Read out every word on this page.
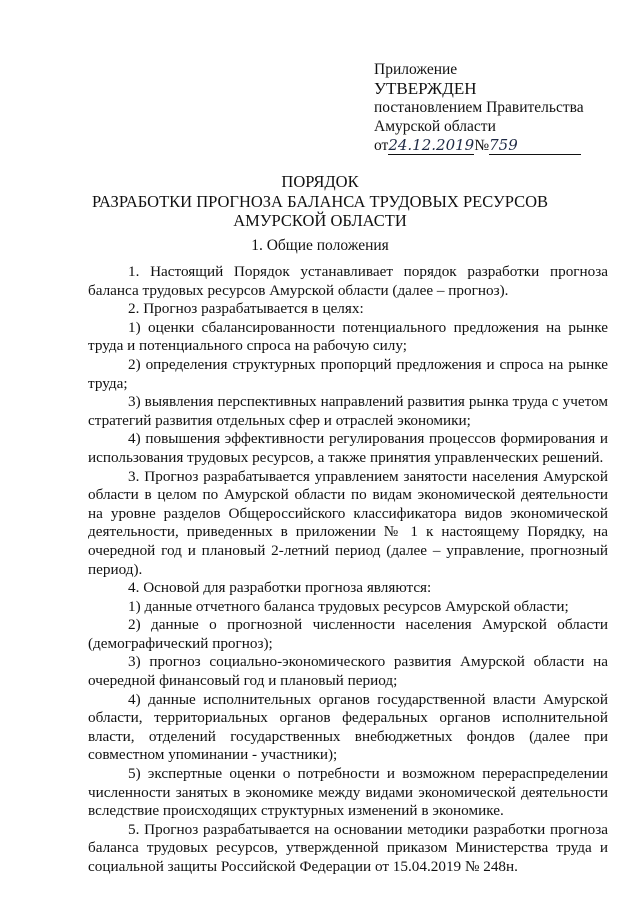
Приложение
УТВЕРЖДЕН
постановлением Правительства
Амурской области
от24.12.2019№759
ПОРЯДОК
РАЗРАБОТКИ ПРОГНОЗА БАЛАНСА ТРУДОВЫХ РЕСУРСОВ
АМУРСКОЙ ОБЛАСТИ
1. Общие положения

1. Настоящий Порядок устанавливает порядок разработки прогноза баланса трудовых ресурсов Амурской области (далее – прогноз).

2. Прогноз разрабатывается в целях:

1) оценки сбалансированности потенциального предложения на рынке труда и потенциального спроса на рабочую силу;

2) определения структурных пропорций предложения и спроса на рынке труда;

3) выявления перспективных направлений развития рынка труда с учетом стратегий развития отдельных сфер и отраслей экономики;

4) повышения эффективности регулирования процессов формирования и использования трудовых ресурсов, а также принятия управленческих решений.

3. Прогноз разрабатывается управлением занятости населения Амурской области в целом по Амурской области по видам экономической деятельности на уровне разделов Общероссийского классификатора видов экономической деятельности, приведенных в приложении № 1 к настоящему Порядку, на очередной год и плановый 2-летний период (далее – управление, прогнозный период).

4. Основой для разработки прогноза являются:

1) данные отчетного баланса трудовых ресурсов Амурской области;

2) данные о прогнозной численности населения Амурской области (демографический прогноз);

3) прогноз социально-экономического развития Амурской области на очередной финансовый год и плановый период;

4) данные исполнительных органов государственной власти Амурской области, территориальных органов федеральных органов исполнительной власти, отделений государственных внебюджетных фондов (далее при совместном упоминании - участники);

5) экспертные оценки о потребности и возможном перераспределении численности занятых в экономике между видами экономической деятельности вследствие происходящих структурных изменений в экономике.

5. Прогноз разрабатывается на основании методики разработки прогноза баланса трудовых ресурсов, утвержденной приказом Министерства труда и социальной защиты Российской Федерации от 15.04.2019 № 248н.
